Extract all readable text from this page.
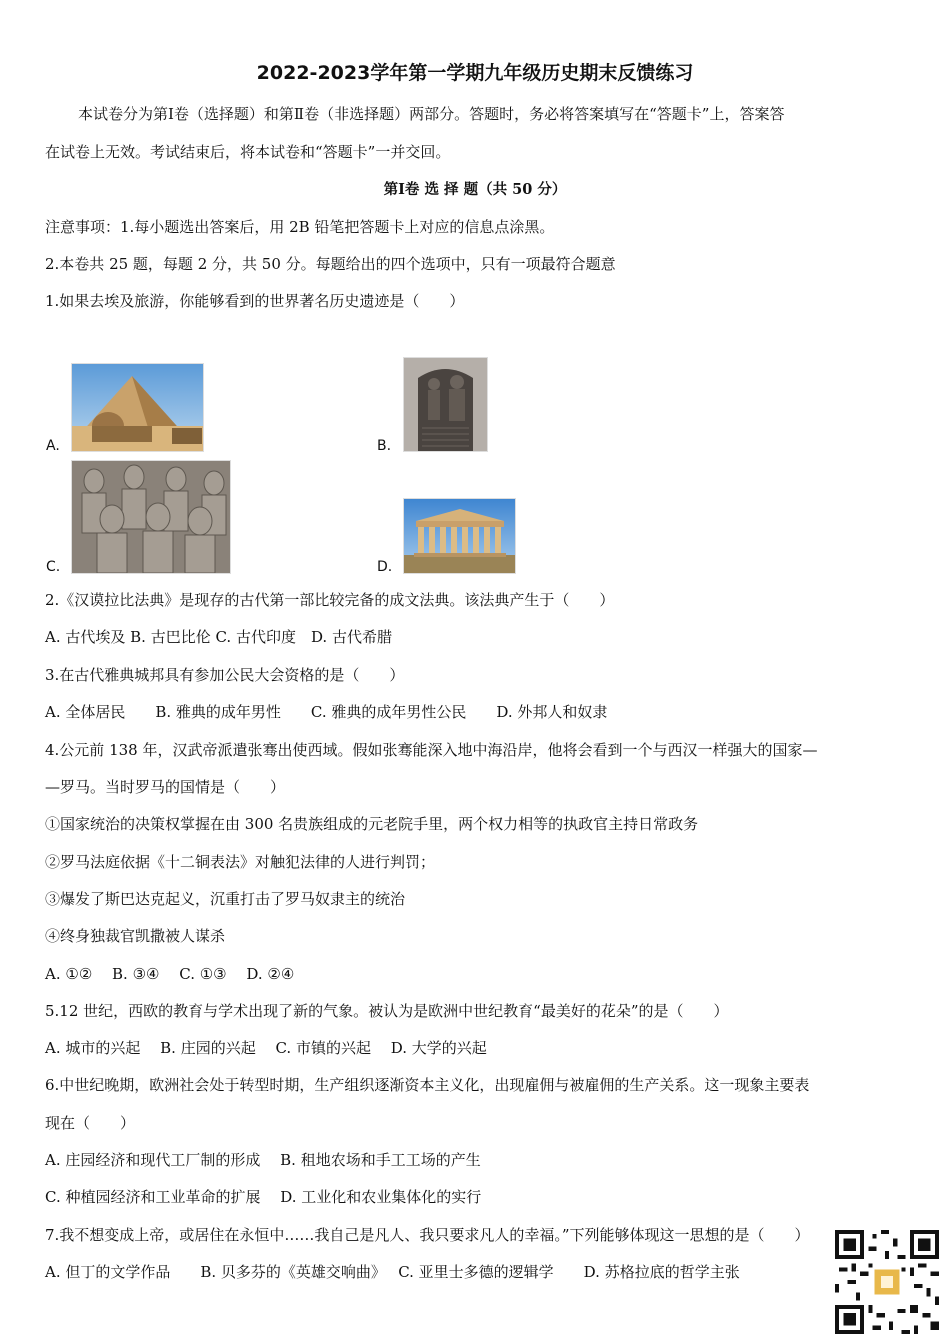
2022-2023学年第一学期九年级历史期末反馈练习
本试卷分为第Ⅰ卷（选择题）和第Ⅱ卷（非选择题）两部分。答题时，务必将答案填写在“答题卡”上，答案答
在试卷上无效。考试结束后，将本试卷和“答题卡”一并交回。
第Ⅰ卷 选 择 题（共 50 分）
注意事项：1.每小题选出答案后，用 2B 铅笔把答题卡上对应的信息点涂黑。
2.本卷共 25 题，每题 2 分，共 50 分。每题给出的四个选项中，只有一项最符合题意
1.如果去埃及旅游，你能够看到的世界著名历史遗迹是（　　）
A.	B.
C.	D.
2.《汉谟拉比法典》是现存的古代第一部比较完备的成文法典。该法典产生于（　　）
A. 古代埃及 B. 古巴比伦 C. 古代印度　D. 古代希腊
3.在古代雅典城邦具有参加公民大会资格的是（　　）
A. 全体居民　　B. 雅典的成年男性　　C. 雅典的成年男性公民　　D. 外邦人和奴隶
4.公元前 138 年，汉武帝派遣张骞出使西域。假如张骞能深入地中海沿岸，他将会看到一个与西汉一样强大的国家—
—罗马。当时罗马的国情是（　　）
①国家统治的决策权掌握在由 300 名贵族组成的元老院手里，两个权力相等的执政官主持日常政务
②罗马法庭依据《十二铜表法》对触犯法律的人进行判罚；
③爆发了斯巴达克起义，沉重打击了罗马奴隶主的统治
④终身独裁官凯撒被人谋杀
A. ①②　 B. ③④　 C. ①③　 D. ②④
5.12 世纪，西欧的教育与学术出现了新的气象。被认为是欧洲中世纪教育“最美好的花朵”的是（　　）
A. 城市的兴起　 B. 庄园的兴起　 C. 市镇的兴起　 D. 大学的兴起
6.中世纪晚期，欧洲社会处于转型时期，生产组织逐渐资本主义化，出现雇佣与被雇佣的生产关系。这一现象主要表
现在（　　）
A. 庄园经济和现代工厂制的形成　 B. 租地农场和手工工场的产生
C. 种植园经济和工业革命的扩展　 D. 工业化和农业集体化的实行
7.我不想变成上帝，或居住在永恒中……我自己是凡人、我只要求凡人的幸福。”下列能够体现这一思想的是（　　）
A. 但丁的文学作品　　B. 贝多芬的《英雄交响曲》　 C. 亚里士多德的逻辑学　　D. 苏格拉底的哲学主张
